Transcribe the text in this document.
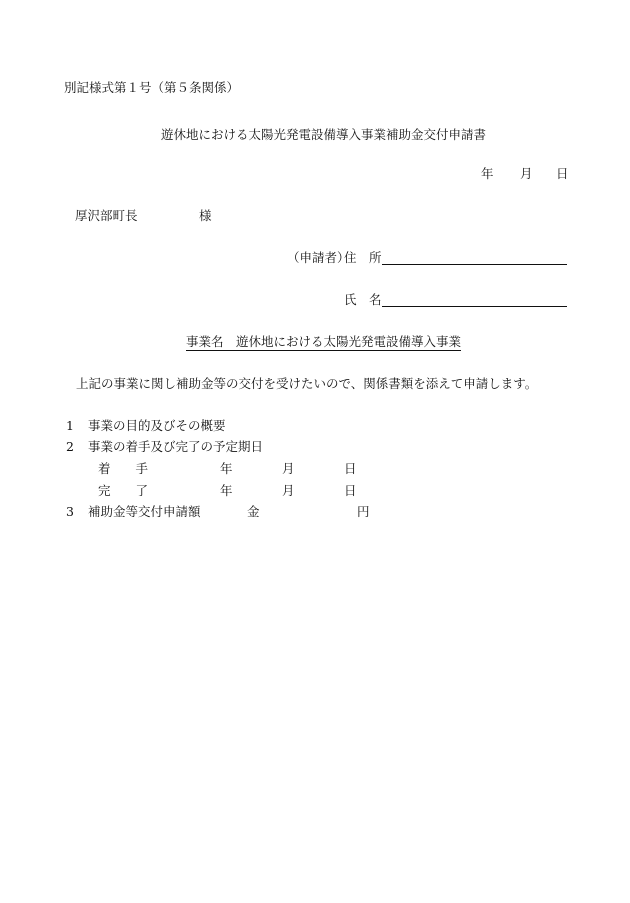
別記様式第１号（第５条関係）
遊休地における太陽光発電設備導入事業補助金交付申請書
年 月 日
厚沢部町長	様
（申請者）
住　所
氏　名
事業名　 遊休地における太陽光発電設備導入事業
上記の事業に関し補助金等の交付を受けたいので、関係書類を添えて申請します。
1 事業の目的及びその概要
2 事業の着手及び完了の予定期日
着　　手	年	月	日
完　　了	年	月	日
3 補助金等交付申請額	金	円
